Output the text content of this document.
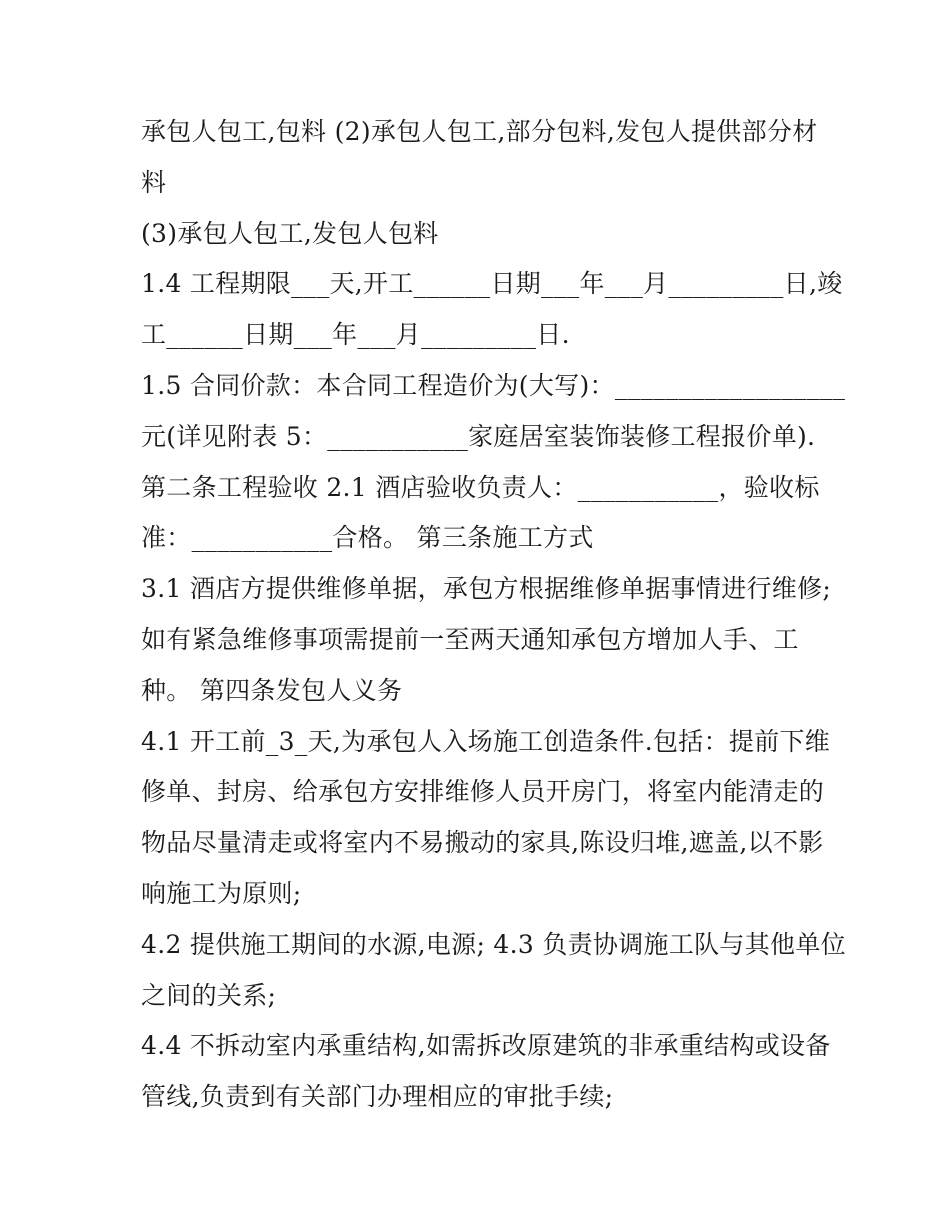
承包人包工,包料 (2)承包人包工,部分包料,发包人提供部分材
料
(3)承包人包工,发包人包料
1.4 工程期限___天,开工______日期___年___月_________日,竣
工______日期___年___月_________日.
1.5 合同价款：本合同工程造价为(大写)：__________________
元(详见附表 5：___________家庭居室装饰装修工程报价单).
第二条工程验收 2.1 酒店验收负责人：___________，验收标
准：___________合格。 第三条施工方式
3.1 酒店方提供维修单据，承包方根据维修单据事情进行维修;
如有紧急维修事项需提前一至两天通知承包方增加人手、工
种。 第四条发包人义务
4.1 开工前_3_天,为承包人入场施工创造条件.包括：提前下维
修单、封房、给承包方安排维修人员开房门，将室内能清走的
物品尽量清走或将室内不易搬动的家具,陈设归堆,遮盖,以不影
响施工为原则;
4.2 提供施工期间的水源,电源; 4.3 负责协调施工队与其他单位
之间的关系;
4.4 不拆动室内承重结构,如需拆改原建筑的非承重结构或设备
管线,负责到有关部门办理相应的审批手续;
